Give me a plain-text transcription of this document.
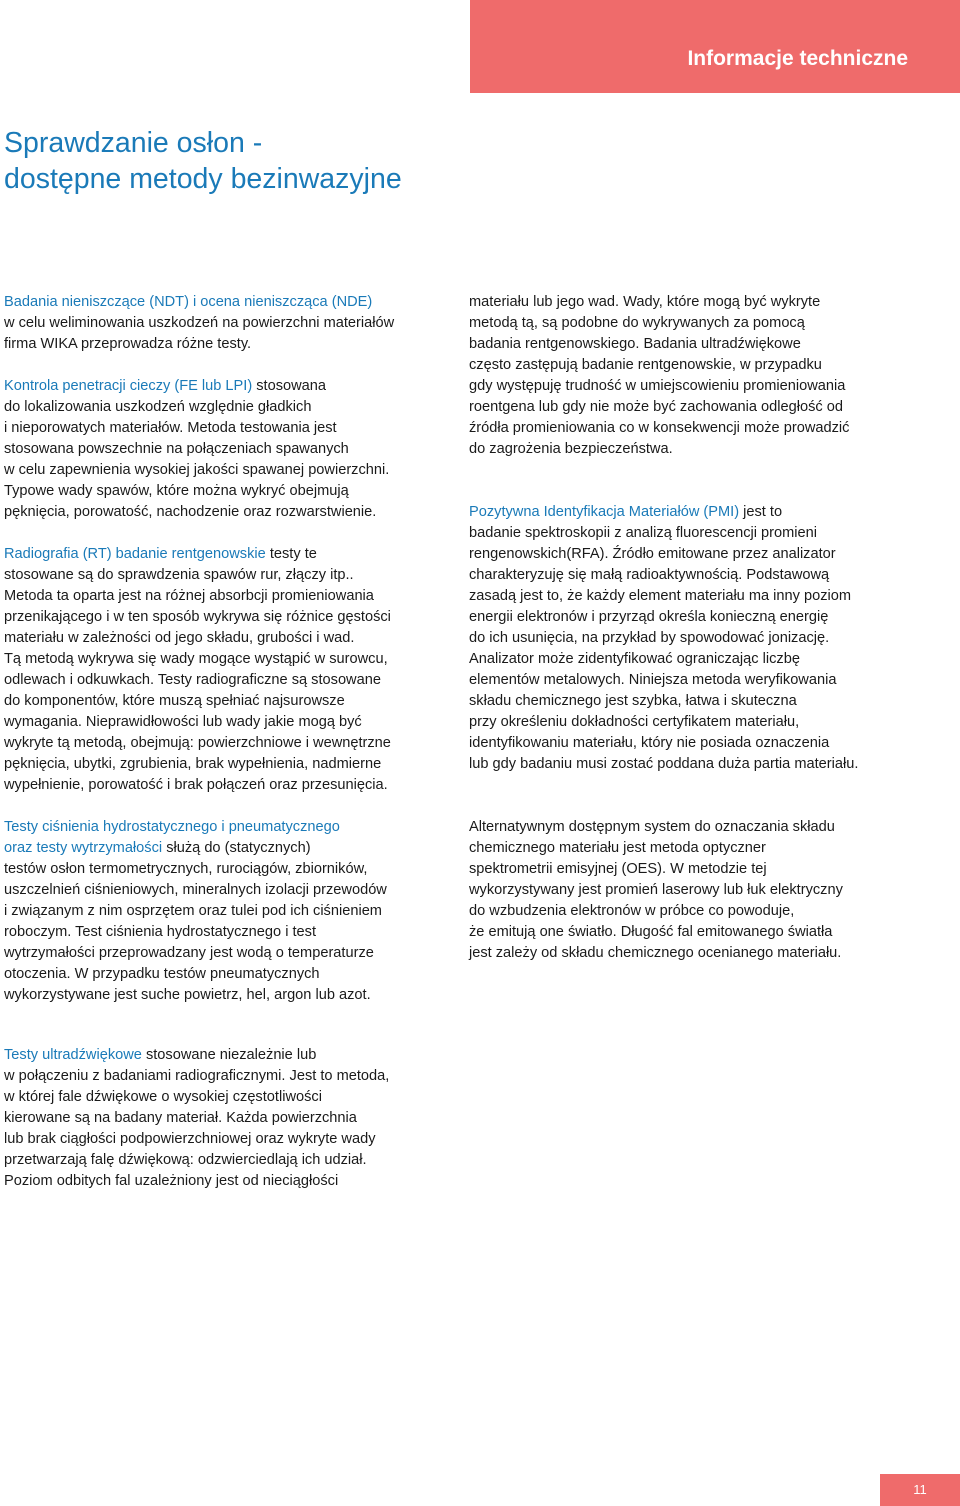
Informacje techniczne
Sprawdzanie osłon -
dostępne metody bezinwazyjne
Badania nieniszczące (NDT) i ocena nieniszcząca (NDE)
w celu weliminowania uszkodzeń na powierzchni materiałów
firma WIKA przeprowadza różne testy.
Kontrola penetracji cieczy (FE lub LPI) stosowana
do lokalizowania uszkodzeń względnie gładkich
i nieporowatych materiałów. Metoda testowania jest
stosowana powszechnie na połączeniach spawanych
w celu zapewnienia wysokiej jakości spawanej powierzchni.
Typowe wady spawów, które można wykryć obejmują
pęknięcia, porowatość, nachodzenie oraz rozwarstwienie.
Radiografia (RT) badanie rentgenowskie testy te
stosowane są do sprawdzenia spawów rur, złączy itp..
Metoda ta oparta jest na różnej absorbcji promieniowania
przenikającego i w ten sposób wykrywa się różnice gęstości
materiału w zależności od jego składu, grubości i wad.
Tą metodą wykrywa się wady mogące wystąpić w surowcu,
odlewach i odkuwkach. Testy radiograficzne są stosowane
do komponentów, które muszą spełniać najsurowsze
wymagania. Nieprawidłowości lub wady jakie mogą być
wykryte tą metodą, obejmują: powierzchniowe i wewnętrzne
pęknięcia, ubytki, zgrubienia, brak wypełnienia, nadmierne
wypełnienie, porowatość i brak połączeń oraz przesunięcia.
Testy ciśnienia hydrostatycznego i pneumatycznego
oraz testy wytrzymałości służą do (statycznych)
testów osłon termometrycznych, rurociągów, zbiorników,
uszczelnień ciśnieniowych, mineralnych izolacji przewodów
i związanym z nim osprzętem oraz tulei pod ich ciśnieniem
roboczym. Test ciśnienia hydrostatycznego i test
wytrzymałości przeprowadzany jest wodą o temperaturze
otoczenia. W przypadku testów pneumatycznych
wykorzystywane jest suche powietrz, hel, argon lub azot.
Testy ultradźwiękowe stosowane niezależnie lub
w połączeniu z badaniami radiograficznymi. Jest to metoda,
w której fale dźwiękowe o wysokiej częstotliwości
kierowane są na badany materiał. Każda powierzchnia
lub brak ciągłości podpowierzchniowej oraz wykryte wady
przetwarzają falę dźwiękową: odzwierciedlają ich udział.
Poziom odbitych fal uzależniony jest od nieciągłości
materiału lub jego wad. Wady, które mogą być wykryte
metodą tą, są podobne do wykrywanych za pomocą
badania rentgenowskiego. Badania ultradźwiękowe
często zastępują badanie rentgenowskie, w przypadku
gdy występuję trudność w umiejscowieniu promieniowania
roentgena lub gdy nie może być zachowania odległość od
źródła promieniowania co w konsekwencji może prowadzić
do zagrożenia bezpieczeństwa.
Pozytywna Identyfikacja Materiałów (PMI) jest to
badanie spektroskopii z analizą fluorescencji promieni
rengenowskich(RFA). Źródło emitowane przez analizator
charakteryzuję się małą radioaktywnością. Podstawową
zasadą jest to, że każdy element materiału ma inny poziom
energii elektronów i przyrząd określa konieczną energię
do ich usunięcia, na przykład by spowodować jonizację.
Analizator może zidentyfikować ograniczając liczbę
elementów metalowych. Niniejsza metoda weryfikowania
składu chemicznego jest szybka, łatwa i skuteczna
przy określeniu dokładności certyfikatem materiału,
identyfikowaniu materiału, który nie posiada oznaczenia
lub gdy badaniu musi zostać poddana duża partia materiału.
Alternatywnym dostępnym system do oznaczania składu
chemicznego materiału jest metoda optyczner
spektrometrii emisyjnej (OES). W metodzie tej
wykorzystywany jest promień laserowy lub łuk elektryczny
do wzbudzenia elektronów w próbce co powoduje,
że emitują one światło. Długość fal emitowanego światła
jest zależy od składu chemicznego ocenianego materiału.
11
